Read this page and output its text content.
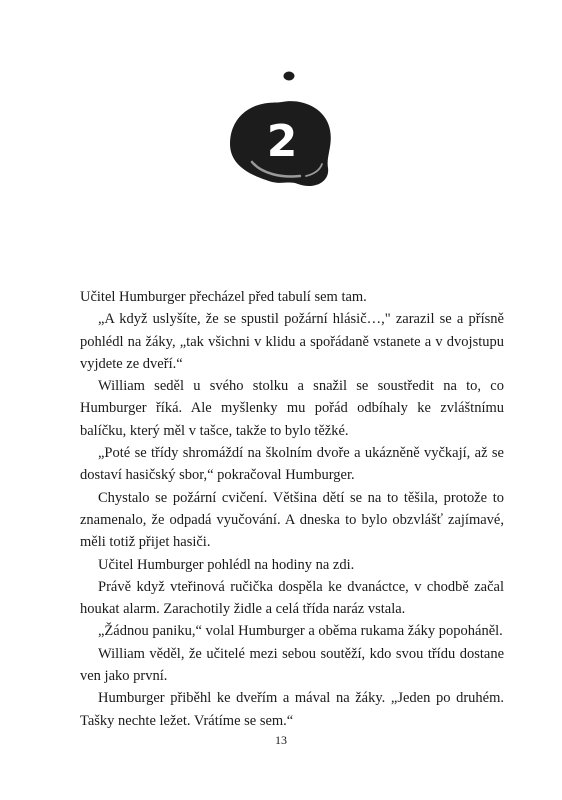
2

Učitel Humburger přecházel před tabulí sem tam.

„A když uslyšíte, že se spustil požární hlásič…," zarazil se a přísně pohlédl na žáky, „tak všichni v klidu a spořádaně vstanete a v dvojstupu vyjdete ze dveří.“

William seděl u svého stolku a snažil se soustředit na to, co Humburger říká. Ale myšlenky mu pořád odbíhaly ke zvláštnímu balíčku, který měl v tašce, takže to bylo těžké.

„Poté se třídy shromáždí na školním dvoře a ukázněně vyčkají, až se dostaví hasičský sbor,“ pokračoval Humburger.

Chystalo se požární cvičení. Většina dětí se na to těšila, protože to znamenalo, že odpadá vyučování. A dneska to bylo obzvlášť zajímavé, měli totiž přijet hasiči.

Učitel Humburger pohlédl na hodiny na zdi.

Právě když vteřinová ručička dospěla ke dvanáctce, v chodbě začal houkat alarm. Zarachotily židle a celá třída naráz vstala.

„Žádnou paniku,“ volal Humburger a oběma rukama žáky popoháněl.

William věděl, že učitelé mezi sebou soutěží, kdo svou třídu dostane ven jako první.

Humburger přiběhl ke dveřím a mával na žáky. „Jeden po druhém. Tašky nechte ležet. Vrátíme se sem.“

13
